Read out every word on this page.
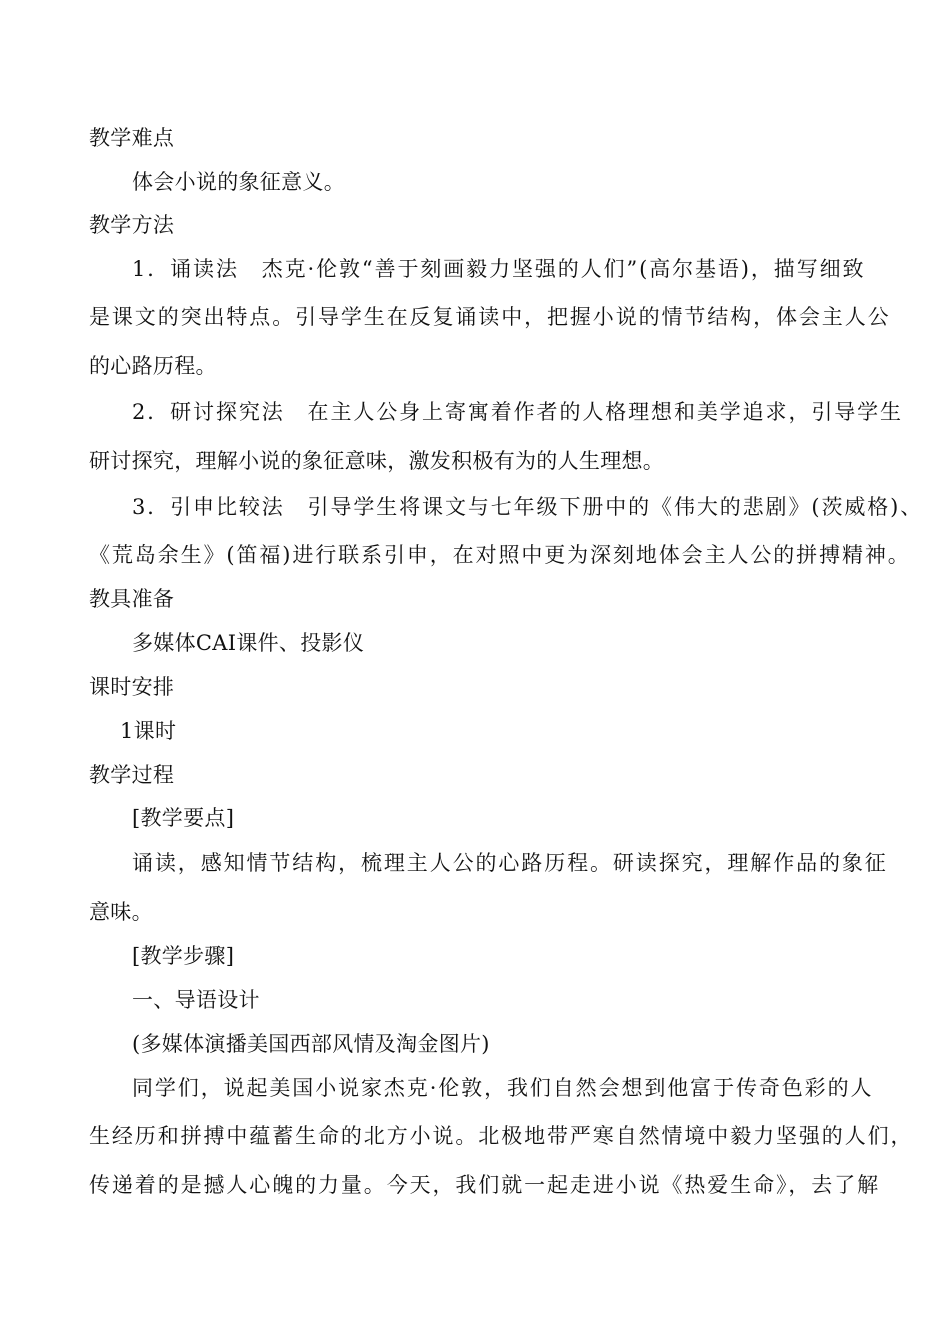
教学难点
体会小说的象征意义。
教学方法
1．诵读法　杰克·伦敦“善于刻画毅力坚强的人们”(高尔基语)，描写细致
是课文的突出特点。引导学生在反复诵读中，把握小说的情节结构，体会主人公
的心路历程。
2．研讨探究法　在主人公身上寄寓着作者的人格理想和美学追求，引导学生
研讨探究，理解小说的象征意味，激发积极有为的人生理想。
3．引申比较法　引导学生将课文与七年级下册中的《伟大的悲剧》(茨威格)、
《荒岛余生》(笛福)进行联系引申，在对照中更为深刻地体会主人公的拼搏精神。
教具准备
多媒体CAI课件、投影仪
课时安排
1课时
教学过程
[教学要点]
诵读，感知情节结构，梳理主人公的心路历程。研读探究，理解作品的象征
意味。
[教学步骤]
一、导语设计
(多媒体演播美国西部风情及淘金图片)
同学们，说起美国小说家杰克·伦敦，我们自然会想到他富于传奇色彩的人
生经历和拼搏中蕴蓄生命的北方小说。北极地带严寒自然情境中毅力坚强的人们，
传递着的是撼人心魄的力量。今天，我们就一起走进小说《热爱生命》，去了解
